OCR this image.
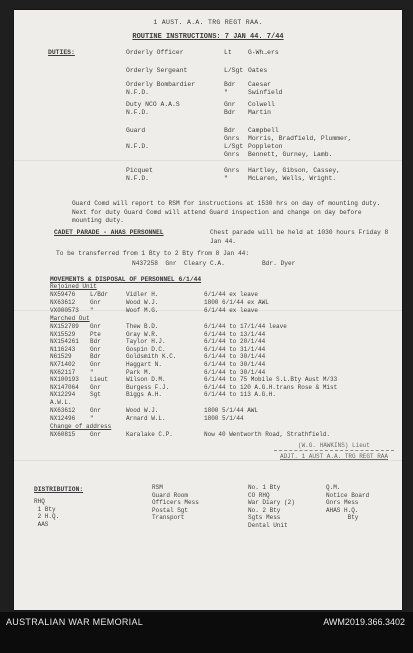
1 AUST. A.A. TRG REGT RAA.
ROUTINE INSTRUCTIONS: 7 JAN 44. 7/44
DUTIES:	Orderly Officer	Lt	G-Wh…ers
Orderly Sergeant	L/Sgt Oates
Orderly Bombardier	Bdr Caesar
N.F.D.	"	Swinfield
Duty NCO A.A.S	Gnr Colwell
N.F.D.	Bdr Martin
Guard	Bdr Campbell
Gnrs Morris, Bradfield, Plummer,
N.F.D.	L/Sgt Poppleton
Gnrs Bennett, Gurney, Lamb.
Picquet	Gnrs Hartley, Gibson, Cassey,
N.F.D.	"	McLaren, Wells, Wright.
Guard Comd will report to RSM for instructions at 1530 hrs on day of mounting duty. Next for duty Guard Comd will attend Guard inspection and change on day before mounting duty.
CADET PARADE - AHAS PERSONNEL	Chest parade will be held at 1030 hours Friday 8 Jan 44.
To be transferred from 1 Bty to 2 Bty from 8 Jan 44:
N437258  Gnr  Cleary C.A.          Bdr. Dyer
MOVEMENTS & DISPOSAL OF PERSONNEL 6/1/44
Rejoined Unit
NX59476 L/Bdr	Vidler H.	6/1/44 ex leave
NX63612 Gnr	Wood W.J.	1800 6/1/44 ex AWL
VX000573 "	Woof M.G.	6/1/44 ex leave
Marched Out
NX152789 Gnr	Thew B.D.	6/1/44 to 17/1/44 leave
NX15529 Pte	Gray W.R.	6/1/44 to 13/1/44
NX154261 Bdr	Taylor H.J.	6/1/44 to 20/1/44
N116243 Gnr	Gospin D.C.	6/1/44 to 31/1/44
N61529	Bdr	Goldsmith K.C.	6/1/44 to 30/1/44
NX71402 Gnr	Haggart N.	6/1/44 to 30/1/44
NX62117 "	Park M.	6/1/44 to 30/1/44
NX100193 Lieut	Wilson D.M.	6/1/44 to 75 Mobile S.L.Bty Aust M/33
NX147064 Gnr	Burgess F.J.	6/1/44 to 120 A.G.H.trans Rose & Mist
NX12294 Sgt	Biggs A.H.	6/1/44 to 113 A.G.H.
A.W.L.
NX63612 Gnr	Wood W.J.	1800 5/1/44 AWL
NX12496 "	Arnard W.L.	1800 5/1/44
Change of address
NX60815 Gnr	Karalake C.P.	Now 40 Wentworth Road, Strathfield.
(W.G. HAWKINS) Lieut
ADJT. 1 AUST A.A. TRG REGT RAA
DISTRIBUTION:
RHQ
1 Bty
2 H.Q.
AAS
RSM
Guard Room
Officers Mess
Postal Sgt
Transport
No. 1 Bty
CO RHQ
War Diary (2)
No. 2 Bty
Sgts Mess
Dental Unit
Q.M.
Notice Board
Gnrs Mess
AHAS H.Q.
Bty
AUSTRALIAN WAR MEMORIAL	AWM2019.366.3402
